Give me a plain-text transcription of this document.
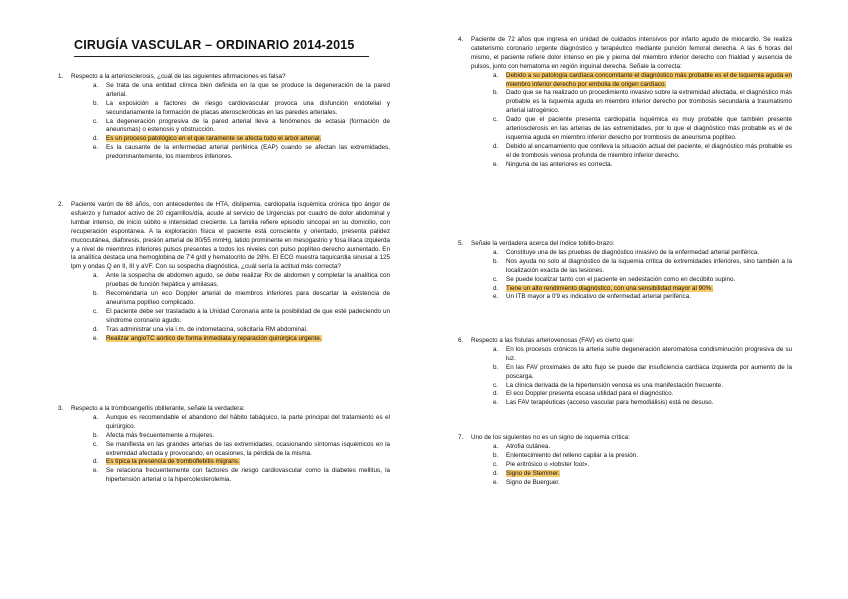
CIRUGÍA VASCULAR – ORDINARIO 2014-2015
1. Respecto a la arteriosclerosis, ¿cuál de las siguientes afirmaciones es falsa?
a. Se trata de una entidad clínica bien definida en la que se produce la degeneración de la pared arterial.
b. La exposición a factores de riesgo cardiovascular provoca una disfunción endotelial y secundariamente la formación de placas ateroscleróticas en las paredes arteriales.
c. La degeneración progresiva de la pared arterial lleva a fenómenos de ectasia (formación de aneurismas) o estenosis y obstrucción.
d. Es un proceso patológico en el que raramente se afecta todo el árbol arterial.
e. Es la causante de la enfermedad arterial periférica (EAP) cuando se afectan las extremidades, predominantemente, los miembros inferiores.
2. Paciente varón de 68 años, con antecedentes de HTA, dislipemia, cardiopatía isquémica crónica tipo ángor de esfuerzo y fumador activo de 20 cigarrillos/día, acude al servicio de Urgencias por cuadro de dolor abdominal y lumbar intenso, de inicio súbito e intensidad creciente. La familia refiere episodio sincopal en su domicilio, con recuperación espontánea. A la exploración física el paciente está consciente y orientado, presenta palidez mucocutánea, diaforesis, presión arterial de 80/55 mmHg, latido prominente en mesogastrio y fosa ilíaca izquierda y a nivel de miembros inferiores pulsos presentes a todos los niveles con pulso poplíteo derecho aumentado. En la analítica destaca una hemoglobina de 7'4 g/dl y hematocrito de 28%. El ECG muestra taquicardia sinusal a 125 lpm y ondas Q en II, III y aVF. Con su sospecha diagnóstica, ¿cuál sería la actitud más correcta?
a. Ante la sospecha de abdomen agudo, se debe realizar Rx de abdomen y completar la analítica con pruebas de función hepática y amilasas.
b. Recomendaría un eco Doppler arterial de miembros inferiores para descartar la existencia de aneurisma poplíteo complicado.
c. El paciente debe ser trasladado a la Unidad Coronaria ante la posibilidad de que esté padeciendo un síndrome coronario agudo.
d. Tras administrar una vía i.m. de indometacina, solicitaría RM abdominal.
e. Realizar angioTC aórtico de forma inmediata y reparación quirúrgica urgente.
3. Respecto a la tromboangeítis obliterante, señale la verdadera:
a. Aunque es recomendable el abandono del hábito tabáquico, la parte principal del tratamiento es el quirúrgico.
b. Afecta más frecuentemente a mujeres.
c. Se manifiesta en las grandes arterias de las extremidades, ocasionando síntomas isquémicos en la extremidad afectada y provocando, en ocasiones, la pérdida de la misma.
d. Es típica la presencia de tromboflebitis migrans.
e. Se relaciona frecuentemente con factores de riesgo cardiovascular como la diabetes mellitus, la hipertensión arterial o la hipercolesterolemia.
4. Paciente de 72 años que ingresa en unidad de cuidados intensivos por infarto agudo de miocardio. Se realiza cateterismo coronario urgente diagnóstico y terapéutico mediante punción femoral derecha. A las 6 horas del mismo, el paciente refiere dolor intenso en pie y pierna del miembro inferior derecho con frialdad y ausencia de pulsos, junto con hematoma en región inguinal derecha. Señale la correcta:
a. Debido a su patología cardíaca concomitante el diagnóstico más probable es el de isquemia aguda en miembro inferior derecho por embolia de origen cardíaco.
b. Dado que se ha realizado un procedimiento invasivo sobre la extremidad afectada, el diagnóstico más probable es la isquemia aguda en miembro inferior derecho por trombosis secundaria a traumatismo arterial iatrogénico.
c. Dado que el paciente presenta cardiopatía isquémica es muy probable que también presente arteriosclerosis en las arterias de las extremidades, por lo que el diagnóstico más probable es el de isquemia aguda en miembro inferior derecho por trombosis de aneurisma poplíteo.
d. Debido al encamamiento que conlleva la situación actual del paciente, el diagnóstico más probable es el de trombosis venosa profunda de miembro inferior derecho.
e. Ninguna de las anteriores es correcta.
5. Señale la verdadera acerca del índice tobillo-brazo:
a. Constituye una de las pruebas de diagnóstico invasivo de la enfermedad arterial periférica.
b. Nos ayuda no solo al diagnóstico de la isquemia crítica de extremidades inferiores, sino también a la localización exacta de las lesiones.
c. Se puede localizar tanto con el paciente en sedestación como en decúbito supino.
d. Tiene un alto rendimiento diagnóstico, con una sensibilidad mayor al 90%.
e. Un ITB mayor a 0'9 es indicativo de enfermedad arterial periférica.
6. Respecto a las fístulas arteriovenosas (FAV) es cierto que:
a. En los procesos crónicos la arteria sufre degeneración ateromatosa condisminución progresiva de su luz.
b. En las FAV proximales de alto flujo se puede dar insuficiencia cardíaca izquierda por aumento de la poscarga.
c. La clínica derivada de la hipertensión venosa es una manifestación frecuente.
d. El eco Doppler presenta escasa utilidad para el diagnóstico.
e. Las FAV terapéuticas (acceso vascular para hemodiálisis) está ne desuso.
7. Uno de los siguientes no es un signo de isquemia crítica:
a. Atrofia cutánea.
b. Enlentecimiento del relleno capilar a la presión.
c. Pie eritrósico o «lobster foot».
d. Signo de Stemmer.
e. Signo de Buerguer.
